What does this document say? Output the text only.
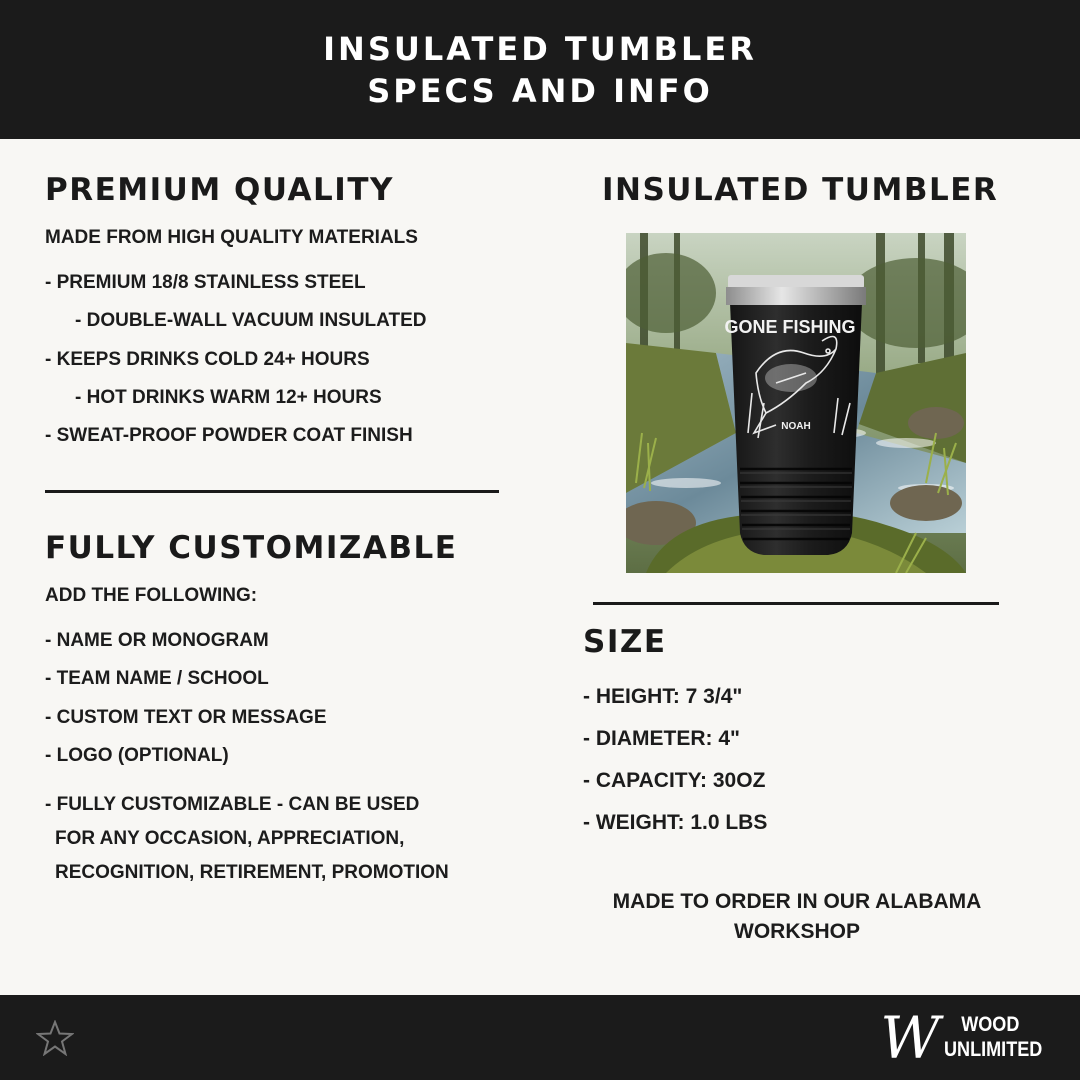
INSULATED TUMBLER
SPECS AND INFO
PREMIUM QUALITY
MADE FROM HIGH QUALITY MATERIALS
- PREMIUM 18/8 STAINLESS STEEL
- DOUBLE-WALL VACUUM INSULATED
- KEEPS DRINKS COLD 24+ HOURS
- HOT DRINKS WARM 12+ HOURS
- SWEAT-PROOF POWDER COAT FINISH
FULLY CUSTOMIZABLE
ADD THE FOLLOWING:
- NAME OR MONOGRAM
- TEAM NAME / SCHOOL
- CUSTOM TEXT OR MESSAGE
- LOGO (OPTIONAL)
- FULLY CUSTOMIZABLE - CAN BE USED
FOR ANY OCCASION, APPRECIATION,
RECOGNITION, RETIREMENT, PROMOTION
INSULATED TUMBLER
GONE FISHING
NOAH
SIZE
- HEIGHT: 7 3/4"
- DIAMETER: 4"
- CAPACITY: 30OZ
- WEIGHT: 1.0 LBS
MADE TO ORDER IN OUR ALABAMA
WORKSHOP
W	WOOD
UNLIMITED
